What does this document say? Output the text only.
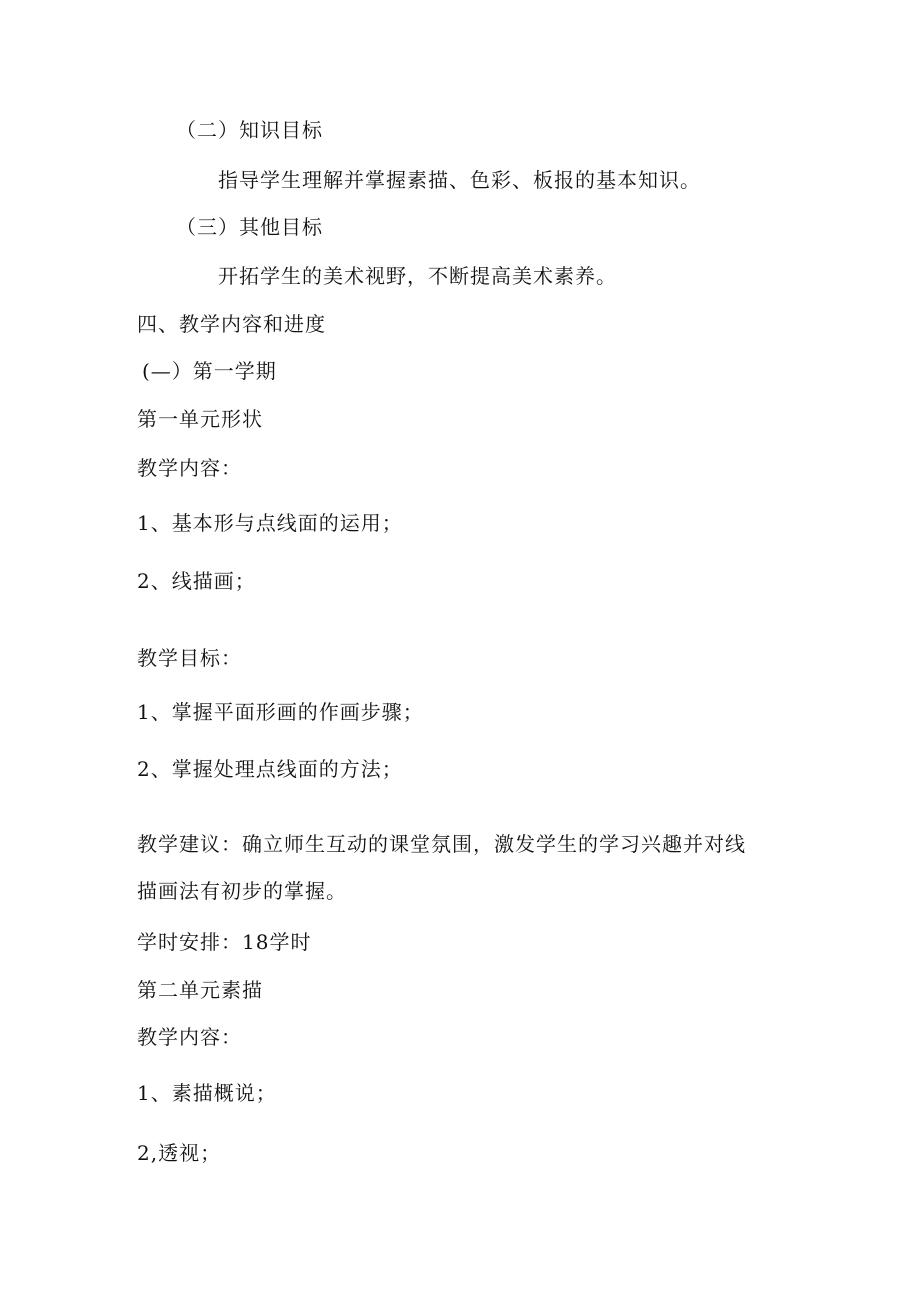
（二）知识目标
指导学生理解并掌握素描、色彩、板报的基本知识。
（三）其他目标
开拓学生的美术视野，不断提高美术素养。
四、教学内容和进度
(—）第一学期
第一单元形状
教学内容：
1、基本形与点线面的运用；
2、线描画；
教学目标：
1、掌握平面形画的作画步骤；
2、掌握处理点线面的方法；
教学建议：确立师生互动的课堂氛围，激发学生的学习兴趣并对线
描画法有初步的掌握。
学时安排：18学时
第二单元素描
教学内容：
1、素描概说；
2,透视；
